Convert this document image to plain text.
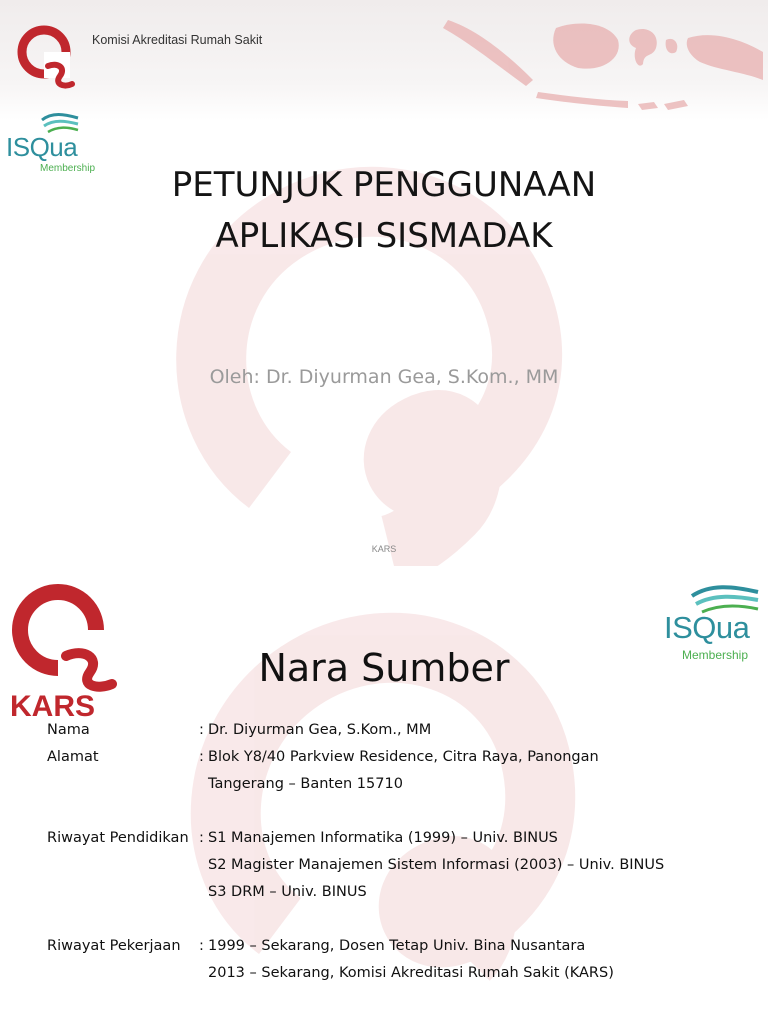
Komisi Akreditasi Rumah Sakit
ISQua
Membership	PETUNJUK PENGGUNAAN
APLIKASI SISMADAK
Oleh: Dr. Diyurman Gea, S.Kom., MM
KARS
KARS
ISQua
Membership
Nara Sumber
Nama	: Dr. Diyurman Gea, S.Kom., MM
Alamat	: Blok Y8/40 Parkview Residence, Citra Raya, Panongan
Tangerang – Banten 15710
Riwayat Pendidikan : S1 Manajemen Informatika (1999) – Univ. BINUS
S2 Magister Manajemen Sistem Informasi (2003) – Univ. BINUS
S3 DRM – Univ. BINUS
Riwayat Pekerjaan : 1999 – Sekarang, Dosen Tetap Univ. Bina Nusantara
2013 – Sekarang, Komisi Akreditasi Rumah Sakit (KARS)
